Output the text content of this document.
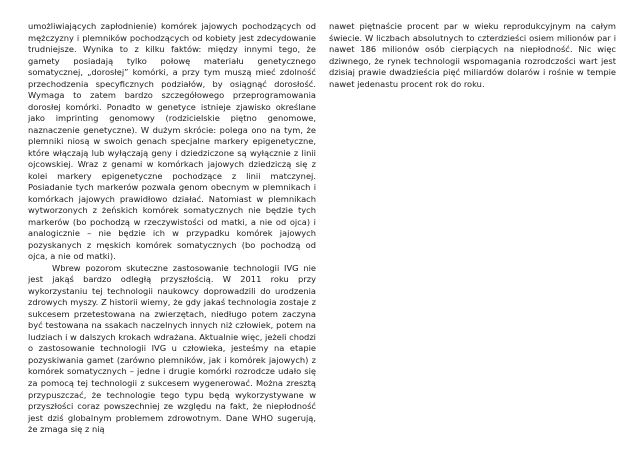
umożliwiających zapłodnienie) komórek jajowych pochodzących od mężczyzny i plemników pochodzących od kobiety jest zdecydowanie trudniejsze. Wynika to z kilku faktów: między innymi tego, że gamety posiadają tylko połowę materiału genetycznego somatycznej, „dorosłej” komórki, a przy tym muszą mieć zdolność przechodzenia specyficznych podziałów, by osiągnąć dorosłość. Wymaga to zatem bardzo szczegółowego przeprogramowania dorosłej komórki. Ponadto w genetyce istnieje zjawisko określane jako imprinting genomowy (rodzicielskie piętno genomowe, naznaczenie genetyczne). W dużym skrócie: polega ono na tym, że plemniki niosą w swoich genach specjalne markery epigenetyczne, które włączają lub wyłączają geny i dziedziczone są wyłącznie z linii ojcowskiej. Wraz z genami w komórkach jajowych dziedziczą się z kolei markery epigenetyczne pochodzące z linii matczynej. Posiadanie tych markerów pozwala genom obecnym w plemnikach i komórkach jajowych prawidłowo działać. Natomiast w plemnikach wytworzonych z żeńskich komórek somatycznych nie będzie tych markerów (bo pochodzą w rzeczywistości od matki, a nie od ojca) i analogicznie – nie będzie ich w przypadku komórek jajowych pozyskanych z męskich komórek somatycznych (bo pochodzą od ojca, a nie od matki).

Wbrew pozorom skuteczne zastosowanie technologii IVG nie jest jakąś bardzo odległą przyszłością. W 2011 roku przy wykorzystaniu tej technologii naukowcy doprowadzili do urodzenia zdrowych myszy. Z historii wiemy, że gdy jakaś technologia zostaje z sukcesem przetestowana na zwierzętach, niedługo potem zaczyna być testowana na ssakach naczelnych innych niż człowiek, potem na ludziach i w dalszych krokach wdrażana. Aktualnie więc, jeżeli chodzi o zastosowanie technologii IVG u człowieka, jesteśmy na etapie pozyskiwania gamet (zarówno plemników, jak i komórek jajowych) z komórek somatycznych – jedne i drugie komórki rozrodcze udało się za pomocą tej technologii z sukcesem wygenerować. Można zresztą przypuszczać, że technologie tego typu będą wykorzystywane w przyszłości coraz powszechniej ze względu na fakt, że niepłodność jest dziś globalnym problemem zdrowotnym. Dane WHO sugerują, że zmaga się z nią

nawet piętnaście procent par w wieku reprodukcyjnym na całym świecie. W liczbach absolutnych to czterdzieści osiem milionów par i nawet 186 milionów osób cierpiących na niepłodność. Nic więc dziwnego, że rynek technologii wspomagania rozrodczości wart jest dzisiaj prawie dwadzieścia pięć miliardów dolarów i rośnie w tempie nawet jedenastu procent rok do roku.
